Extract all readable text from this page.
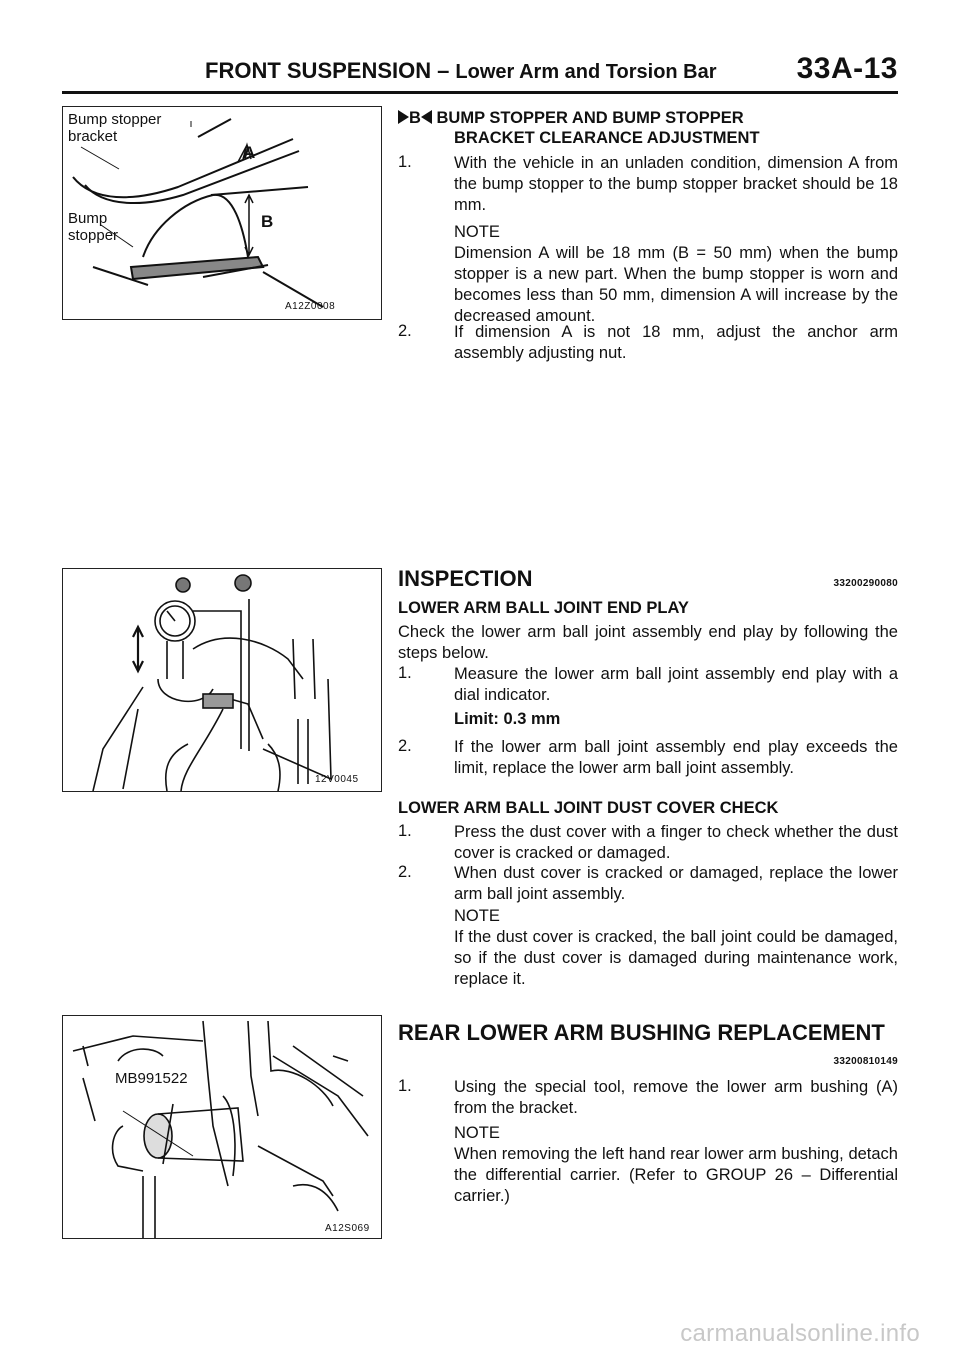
FRONT SUSPENSION – Lower Arm and Torsion Bar	33A-13
Bump stopper bracket
Bump stopper
A
B
A12Z0008
B BUMP STOPPER AND BUMP STOPPER
BRACKET CLEARANCE ADJUSTMENT
1.	With the vehicle in an unladen condition, dimension A from the bump stopper to the bump stopper bracket should be 18 mm.
NOTE
Dimension A will be 18 mm (B = 50 mm) when the bump stopper is a new part. When the bump stopper is worn and becomes less than 50 mm, dimension A will increase by the decreased amount.
2.	If dimension A is not 18 mm, adjust the anchor arm assembly adjusting nut.
12V0045
INSPECTION	33200290080
LOWER ARM BALL JOINT END PLAY
Check the lower arm ball joint assembly end play by following the steps below.
1.	Measure the lower arm ball joint assembly end play with a dial indicator.
Limit: 0.3 mm
2.	If the lower arm ball joint assembly end play exceeds the limit, replace the lower arm ball joint assembly.
LOWER ARM BALL JOINT DUST COVER CHECK
1.	Press the dust cover with a finger to check whether the dust cover is cracked or damaged.
2.	When dust cover is cracked or damaged, replace the lower arm ball joint assembly.
NOTE
If the dust cover is cracked, the ball joint could be damaged, so if the dust cover is damaged during maintenance work, replace it.
MB991522
A12S069
REAR LOWER ARM BUSHING REPLACEMENT
33200810149
1.	Using the special tool, remove the lower arm bushing (A) from the bracket.
NOTE
When removing the left hand rear lower arm bushing, detach the differential carrier. (Refer to GROUP 26 – Differential carrier.)
carmanualsonline.info
